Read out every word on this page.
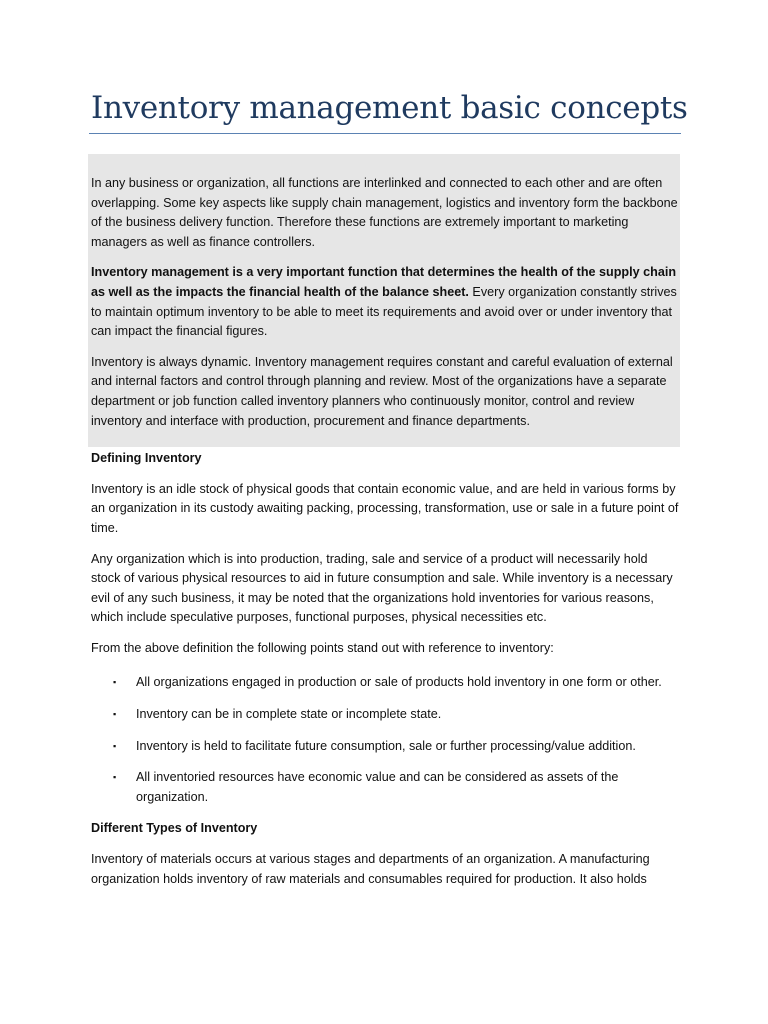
Inventory management basic concepts

In any business or organization, all functions are interlinked and connected to each other and are often overlapping. Some key aspects like supply chain management, logistics and inventory form the backbone of the business delivery function. Therefore these functions are extremely important to marketing managers as well as finance controllers.

Inventory management is a very important function that determines the health of the supply chain as well as the impacts the financial health of the balance sheet. Every organization constantly strives to maintain optimum inventory to be able to meet its requirements and avoid over or under inventory that can impact the financial figures.

Inventory is always dynamic. Inventory management requires constant and careful evaluation of external and internal factors and control through planning and review. Most of the organizations have a separate department or job function called inventory planners who continuously monitor, control and review inventory and interface with production, procurement and finance departments.

Defining Inventory

Inventory is an idle stock of physical goods that contain economic value, and are held in various forms by an organization in its custody awaiting packing, processing, transformation, use or sale in a future point of time.

Any organization which is into production, trading, sale and service of a product will necessarily hold stock of various physical resources to aid in future consumption and sale. While inventory is a necessary evil of any such business, it may be noted that the organizations hold inventories for various reasons, which include speculative purposes, functional purposes, physical necessities etc.

From the above definition the following points stand out with reference to inventory:

▪ All organizations engaged in production or sale of products hold inventory in one form or other.
▪ Inventory can be in complete state or incomplete state.
▪ Inventory is held to facilitate future consumption, sale or further processing/value addition.
▪ All inventoried resources have economic value and can be considered as assets of the organization.

Different Types of Inventory

Inventory of materials occurs at various stages and departments of an organization. A manufacturing organization holds inventory of raw materials and consumables required for production. It also holds
